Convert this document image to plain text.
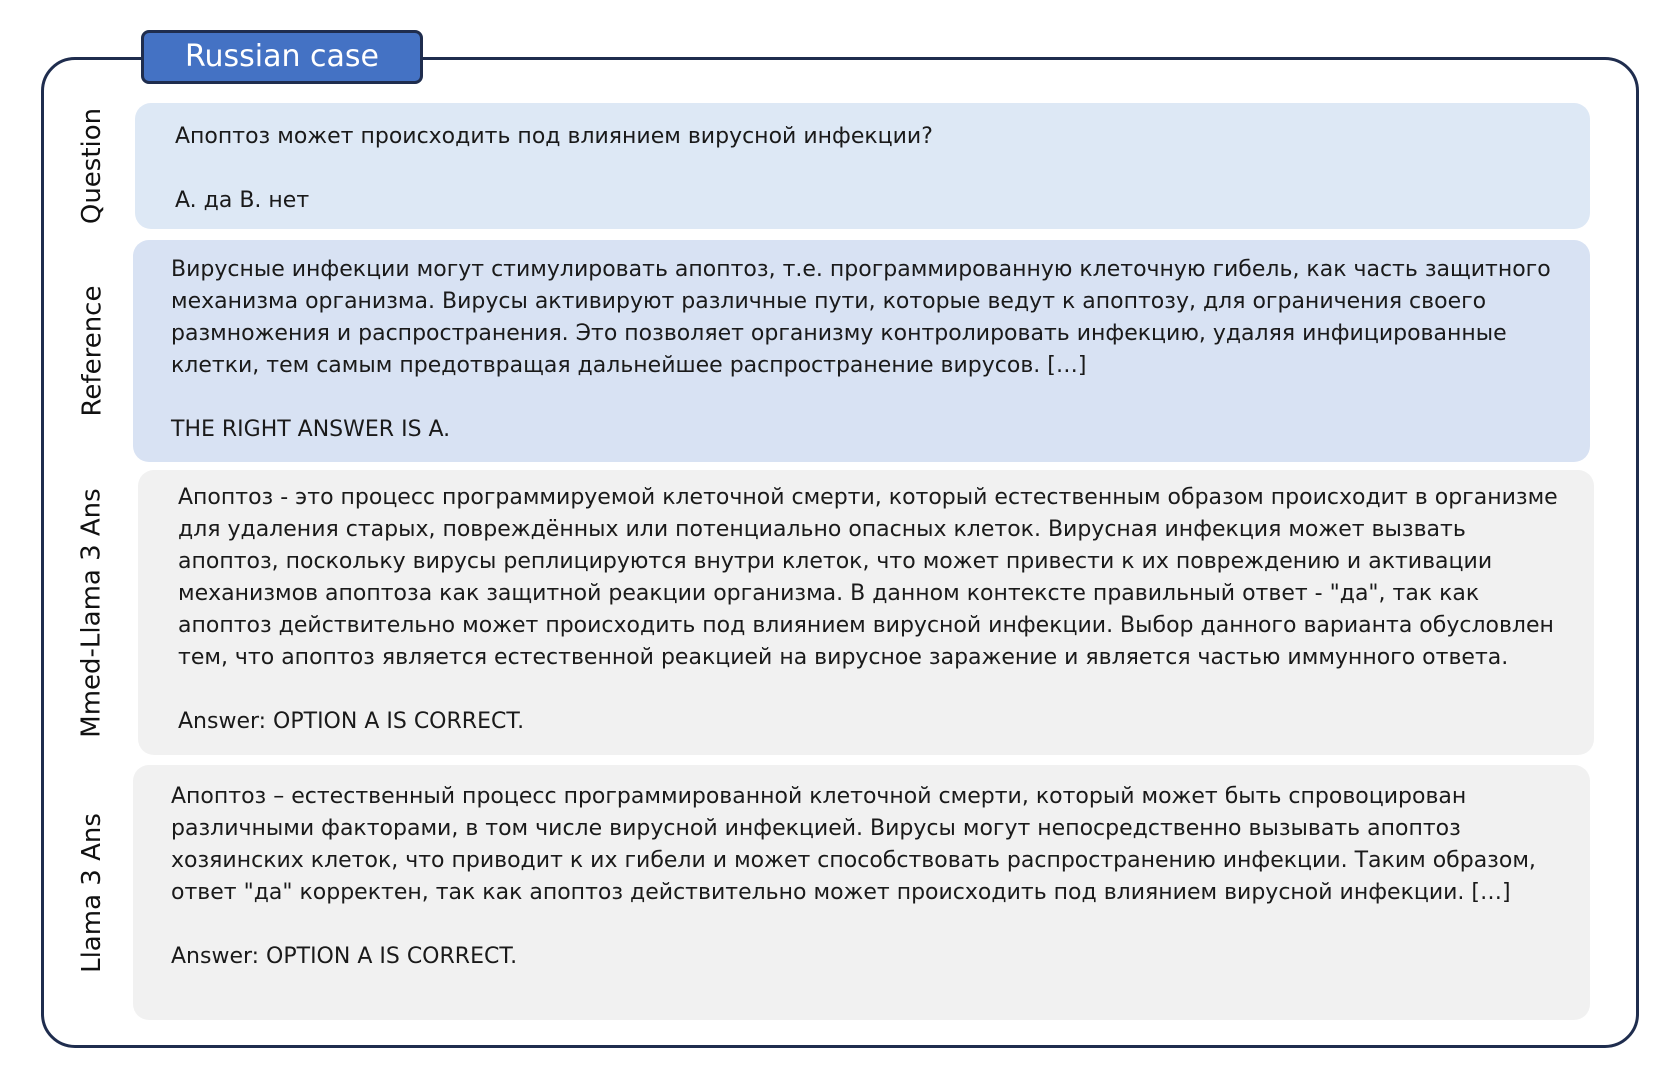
Russian case
Question
Reference
Mmed-Llama 3 Ans
Llama 3 Ans

Апоптоз может происходить под влиянием вирусной инфекции?

A. да B. нет

Вирусные инфекции могут стимулировать апоптоз, т.е. программированную клеточную гибель, как часть защитного механизма организма. Вирусы активируют различные пути, которые ведут к апоптозу, для ограничения своего размножения и распространения. Это позволяет организму контролировать инфекцию, удаляя инфицированные клетки, тем самым предотвращая дальнейшее распространение вирусов. […]

THE RIGHT ANSWER IS A.

Апоптоз - это процесс программируемой клеточной смерти, который естественным образом происходит в организме для удаления старых, повреждённых или потенциально опасных клеток. Вирусная инфекция может вызвать апоптоз, поскольку вирусы реплицируются внутри клеток, что может привести к их повреждению и активации механизмов апоптоза как защитной реакции организма. В данном контексте правильный ответ - "да", так как апоптоз действительно может происходить под влиянием вирусной инфекции. Выбор данного варианта обусловлен тем, что апоптоз является естественной реакцией на вирусное заражение и является частью иммунного ответа.

Answer: OPTION A IS CORRECT.

Апоптоз – естественный процесс программированной клеточной смерти, который может быть спровоцирован различными факторами, в том числе вирусной инфекцией. Вирусы могут непосредственно вызывать апоптоз хозяинских клеток, что приводит к их гибели и может способствовать распространению инфекции. Таким образом, ответ "да" корректен, так как апоптоз действительно может происходить под влиянием вирусной инфекции. […]

Answer: OPTION A IS CORRECT.
